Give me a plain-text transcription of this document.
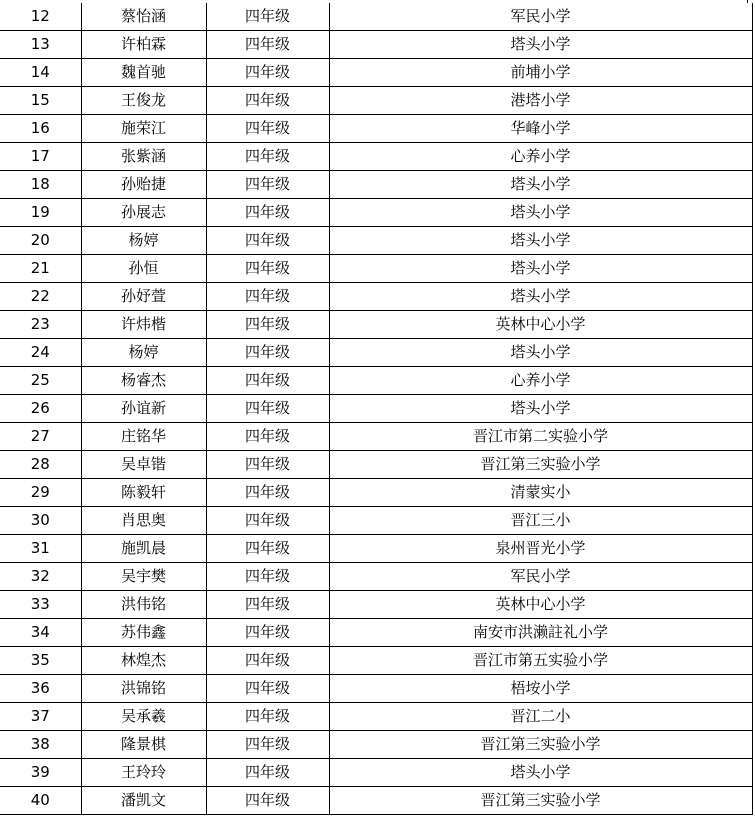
12	蔡怡涵	四年级	军民小学
13	许柏霖	四年级	塔头小学
14	魏首驰	四年级	前埔小学
15	王俊龙	四年级	港塔小学
16	施荣江	四年级	华峰小学
17	张紫涵	四年级	心养小学
18	孙贻捷	四年级	塔头小学
19	孙展志	四年级	塔头小学
20	杨婷	四年级	塔头小学
21	孙恒	四年级	塔头小学
22	孙妤萱	四年级	塔头小学
23	许炜楷	四年级	英林中心小学
24	杨婷	四年级	塔头小学
25	杨睿杰	四年级	心养小学
26	孙谊新	四年级	塔头小学
27	庄铭华	四年级	晋江市第二实验小学
28	吴卓锴	四年级	晋江第三实验小学
29	陈毅轩	四年级	清蒙实小
30	肖思奥	四年级	晋江三小
31	施凯晨	四年级	泉州晋光小学
32	吴宇樊	四年级	军民小学
33	洪伟铭	四年级	英林中心小学
34	苏伟鑫	四年级	南安市洪濑註礼小学
35	林煌杰	四年级	晋江市第五实验小学
36	洪锦铭	四年级	梧垵小学
37	吴承羲	四年级	晋江二小
38	隆景棋	四年级	晋江第三实验小学
39	王玲玲	四年级	塔头小学
40	潘凯文	四年级	晋江第三实验小学
